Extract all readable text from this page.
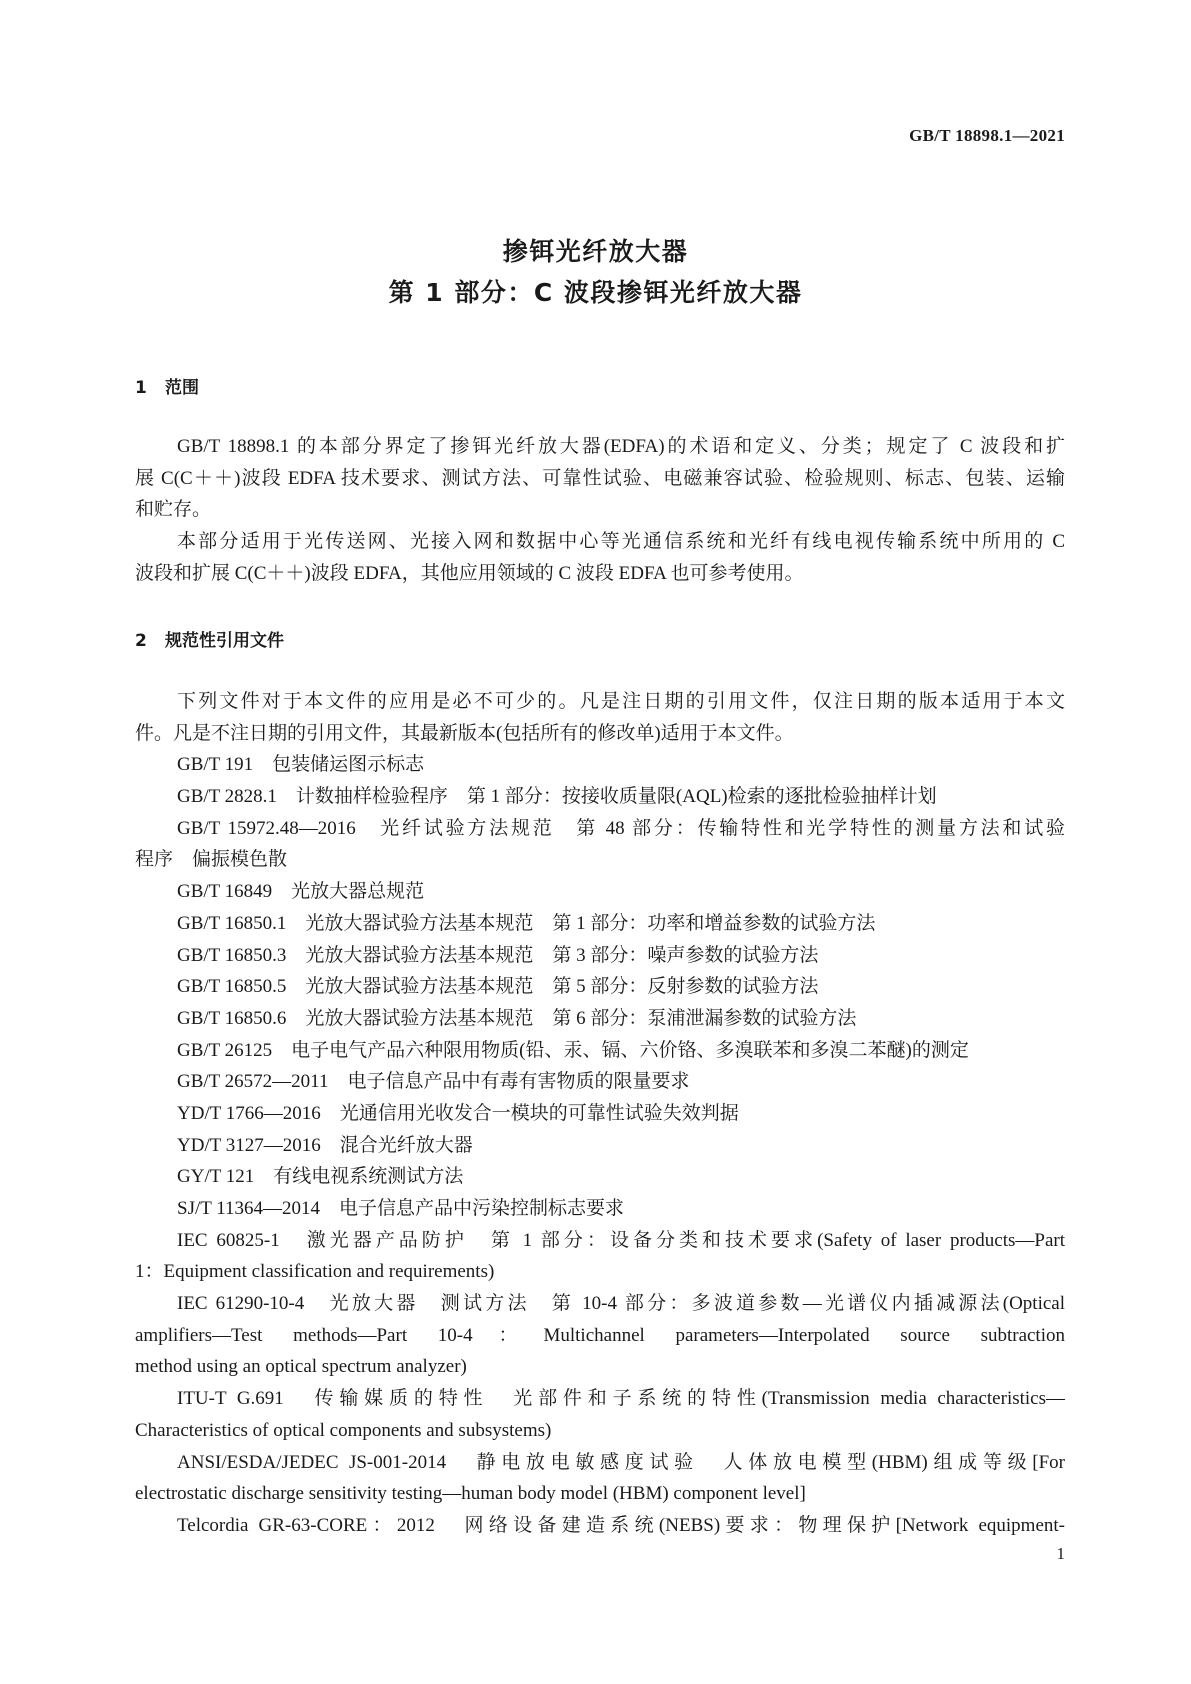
GB/T 18898.1—2021
掺铒光纤放大器
第 1 部分：C 波段掺铒光纤放大器
1 范围
GB/T 18898.1 的本部分界定了掺铒光纤放大器(EDFA)的术语和定义、分类；规定了 C 波段和扩
展 C(C＋＋)波段 EDFA 技术要求、测试方法、可靠性试验、电磁兼容试验、检验规则、标志、包装、运输
和贮存。
本部分适用于光传送网、光接入网和数据中心等光通信系统和光纤有线电视传输系统中所用的 C
波段和扩展 C(C＋＋)波段 EDFA，其他应用领域的 C 波段 EDFA 也可参考使用。
2 规范性引用文件
下列文件对于本文件的应用是必不可少的。凡是注日期的引用文件，仅注日期的版本适用于本文
件。凡是不注日期的引用文件，其最新版本(包括所有的修改单)适用于本文件。
GB/T 191　包装储运图示标志
GB/T 2828.1　计数抽样检验程序　第 1 部分：按接收质量限(AQL)检索的逐批检验抽样计划
GB/T 15972.48—2016　光纤试验方法规范　第 48 部分：传输特性和光学特性的测量方法和试验
程序　偏振模色散
GB/T 16849　光放大器总规范
GB/T 16850.1　光放大器试验方法基本规范　第 1 部分：功率和增益参数的试验方法
GB/T 16850.3　光放大器试验方法基本规范　第 3 部分：噪声参数的试验方法
GB/T 16850.5　光放大器试验方法基本规范　第 5 部分：反射参数的试验方法
GB/T 16850.6　光放大器试验方法基本规范　第 6 部分：泵浦泄漏参数的试验方法
GB/T 26125　电子电气产品六种限用物质(铅、汞、镉、六价铬、多溴联苯和多溴二苯醚)的测定
GB/T 26572—2011　电子信息产品中有毒有害物质的限量要求
YD/T 1766—2016　光通信用光收发合一模块的可靠性试验失效判据
YD/T 3127—2016　混合光纤放大器
GY/T 121　有线电视系统测试方法
SJ/T 11364—2014　电子信息产品中污染控制标志要求
IEC 60825-1　激光器产品防护　第 1 部分：设备分类和技术要求(Safety of laser products—Part
1：Equipment classification and requirements)
IEC 61290-10-4　光放大器　测试方法　第 10-4 部分：多波道参数—光谱仪内插减源法(Optical
amplifiers—Test methods—Part 10-4：Multichannel parameters—Interpolated source subtraction
method using an optical spectrum analyzer)
ITU-T G.691　传输媒质的特性　光部件和子系统的特性(Transmission media characteristics—
Characteristics of optical components and subsystems)
ANSI/ESDA/JEDEC JS-001-2014　静电放电敏感度试验　人体放电模型(HBM)组成等级[For
electrostatic discharge sensitivity testing—human body model (HBM) component level]
Telcordia GR-63-CORE：2012　网络设备建造系统(NEBS)要求：物理保护[Network equipment-
1
